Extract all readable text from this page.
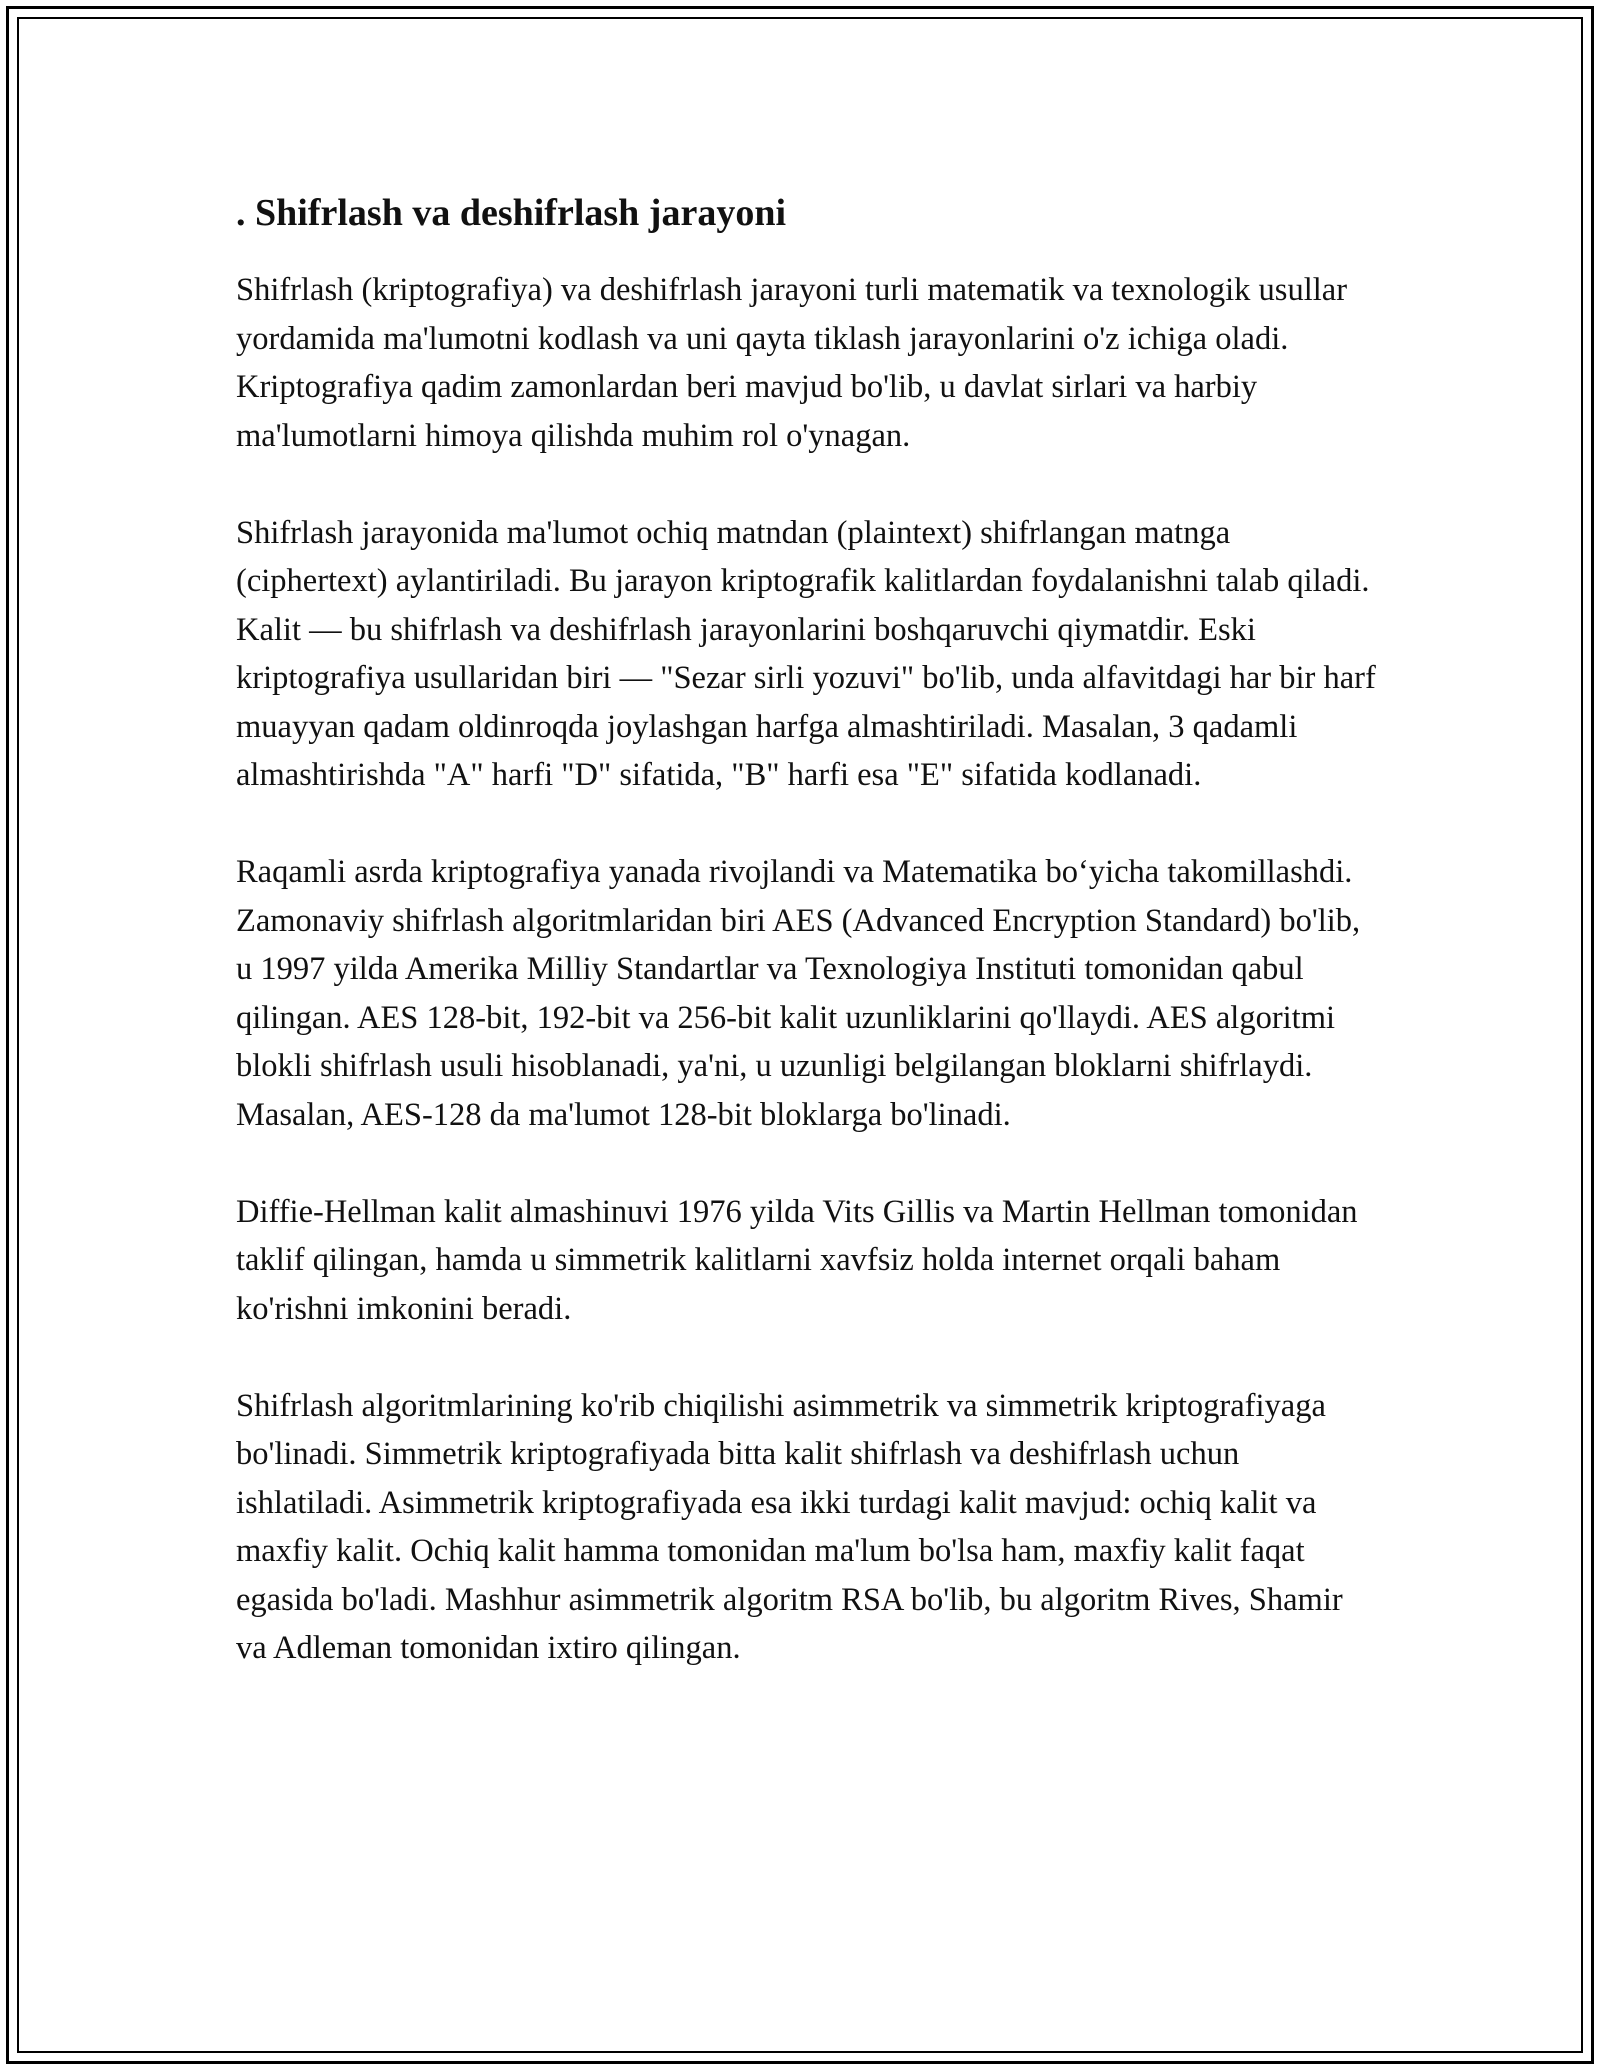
. Shifrlash va deshifrlash jarayoni

Shifrlash (kriptografiya) va deshifrlash jarayoni turli matematik va texnologik usullar yordamida ma'lumotni kodlash va uni qayta tiklash jarayonlarini o'z ichiga oladi. Kriptografiya qadim zamonlardan beri mavjud bo'lib, u davlat sirlari va harbiy ma'lumotlarni himoya qilishda muhim rol o'ynagan.

Shifrlash jarayonida ma'lumot ochiq matndan (plaintext) shifrlangan matnga (ciphertext) aylantiriladi. Bu jarayon kriptografik kalitlardan foydalanishni talab qiladi. Kalit — bu shifrlash va deshifrlash jarayonlarini boshqaruvchi qiymatdir. Eski kriptografiya usullaridan biri — "Sezar sirli yozuvi" bo'lib, unda alfavitdagi har bir harf muayyan qadam oldinroqda joylashgan harfga almashtiriladi. Masalan, 3 qadamli almashtirishda "A" harfi "D" sifatida, "B" harfi esa "E" sifatida kodlanadi.

Raqamli asrda kriptografiya yanada rivojlandi va Matematika bo‘yicha takomillashdi. Zamonaviy shifrlash algoritmlaridan biri AES (Advanced Encryption Standard) bo'lib, u 1997 yilda Amerika Milliy Standartlar va Texnologiya Instituti tomonidan qabul qilingan. AES 128-bit, 192-bit va 256-bit kalit uzunliklarini qo'llaydi. AES algoritmi blokli shifrlash usuli hisoblanadi, ya'ni, u uzunligi belgilangan bloklarni shifrlaydi. Masalan, AES-128 da ma'lumot 128-bit bloklarga bo'linadi.

Diffie-Hellman kalit almashinuvi 1976 yilda Vits Gillis va Martin Hellman tomonidan taklif qilingan, hamda u simmetrik kalitlarni xavfsiz holda internet orqali baham ko'rishni imkonini beradi.

Shifrlash algoritmlarining ko'rib chiqilishi asimmetrik va simmetrik kriptografiyaga bo'linadi. Simmetrik kriptografiyada bitta kalit shifrlash va deshifrlash uchun ishlatiladi. Asimmetrik kriptografiyada esa ikki turdagi kalit mavjud: ochiq kalit va maxfiy kalit. Ochiq kalit hamma tomonidan ma'lum bo'lsa ham, maxfiy kalit faqat egasida bo'ladi. Mashhur asimmetrik algoritm RSA bo'lib, bu algoritm Rives, Shamir va Adleman tomonidan ixtiro qilingan.
